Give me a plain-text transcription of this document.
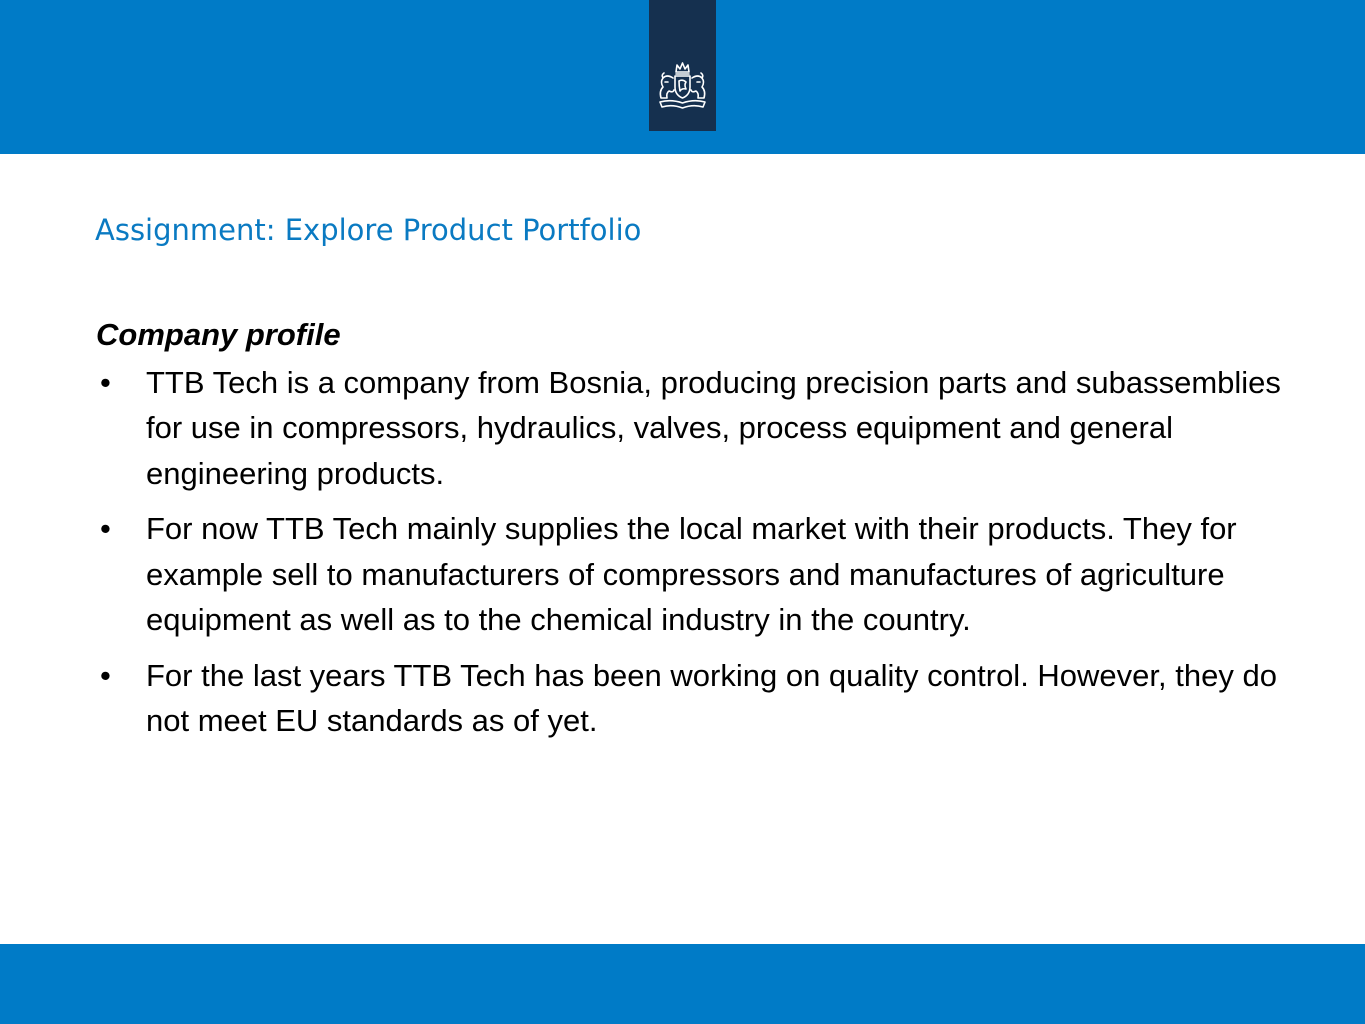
Assignment: Explore Product Portfolio

Company profile

• TTB Tech is a company from Bosnia, producing precision parts and subassemblies for use in compressors, hydraulics, valves, process equipment and general engineering products.
• For now TTB Tech mainly supplies the local market with their products. They for example sell to manufacturers of compressors and manufactures of agriculture equipment as well as to the chemical industry in the country.
• For the last years TTB Tech has been working on quality control. However, they do not meet EU standards as of yet.
